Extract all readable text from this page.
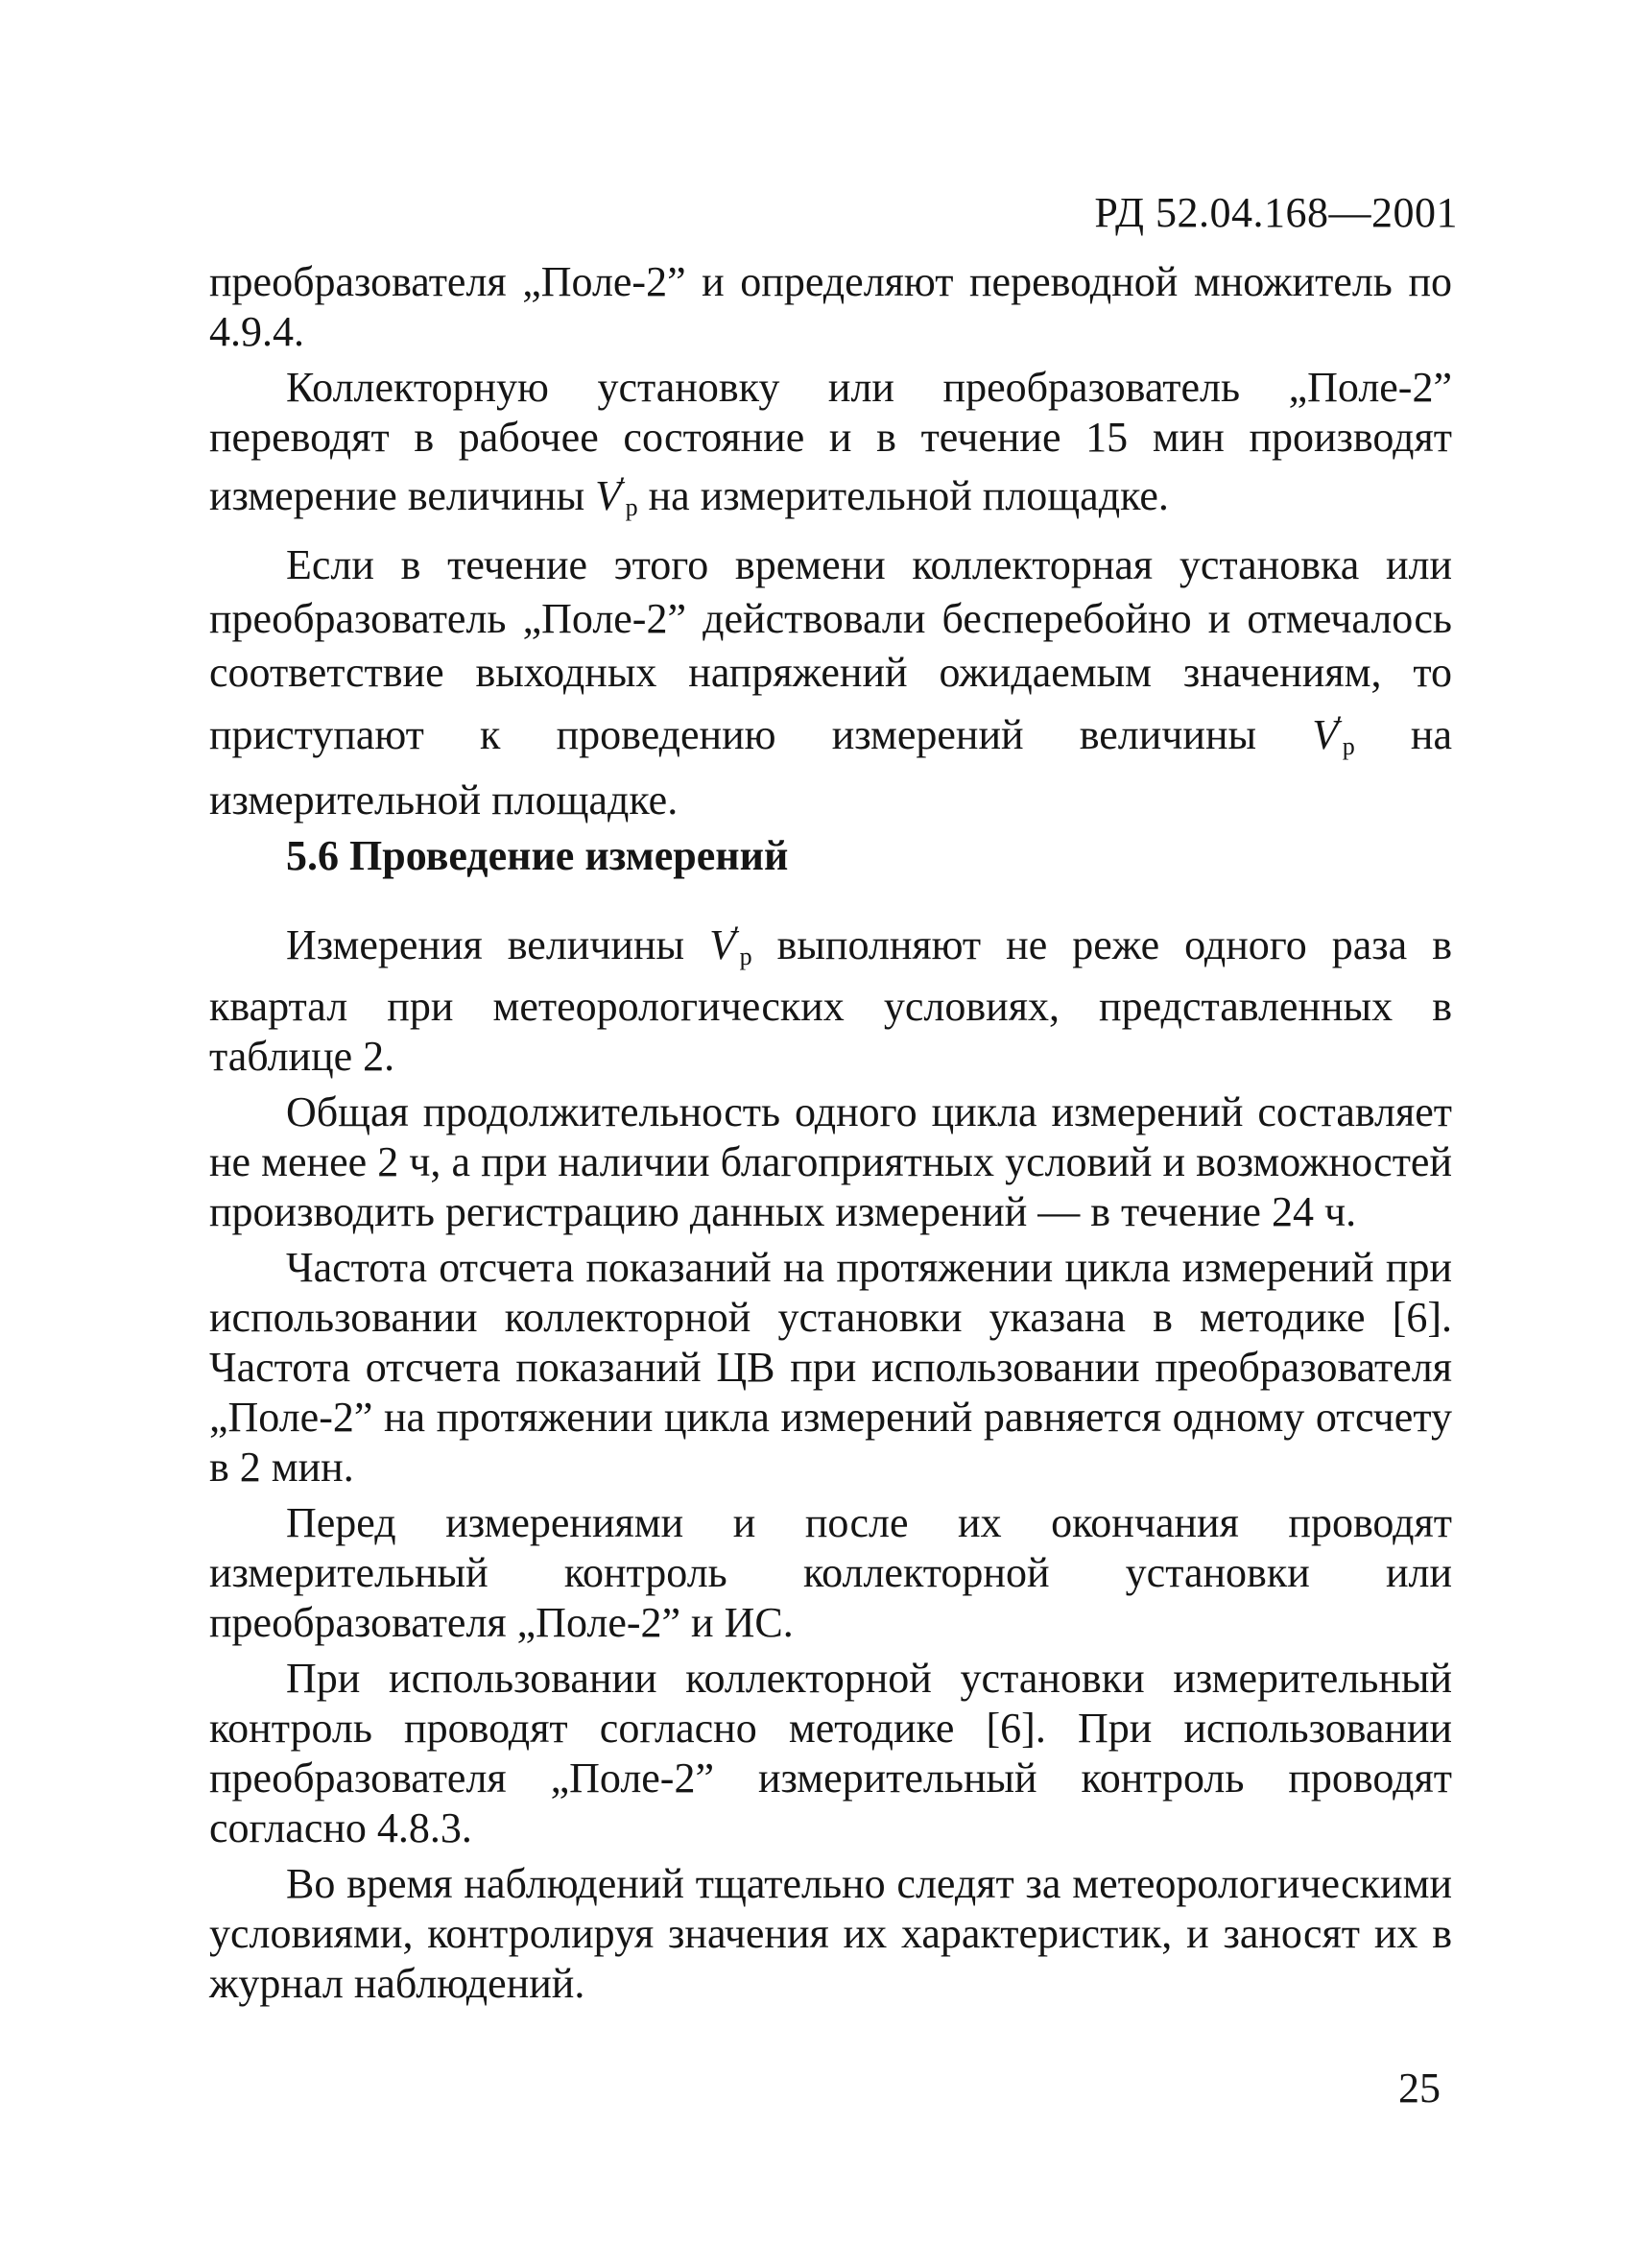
РД 52.04.168—2001

преобразователя „Поле-2” и определяют переводной множитель по 4.9.4.

Коллекторную установку или преобразователь „Поле-2” переводят в рабочее состояние и в течение 15 мин производят измерение величины $V'_р$ на измерительной площадке.

Если в течение этого времени коллекторная установка или преобразователь „Поле-2” действовали бесперебойно и отмечалось соответствие выходных напряжений ожидаемым значениям, то приступают к проведению измерений величины $V'_р$ на измерительной площадке.

5.6 Проведение измерений

Измерения величины $V'_р$ выполняют не реже одного раза в квартал при метеорологических условиях, представленных в таблице 2.

Общая продолжительность одного цикла измерений составляет не менее 2 ч, а при наличии благоприятных условий и возможностей производить регистрацию данных измерений — в течение 24 ч.

Частота отсчета показаний на протяжении цикла измерений при использовании коллекторной установки указана в методике [6]. Частота отсчета показаний ЦВ при использовании преобразователя „Поле-2” на протяжении цикла измерений равняется одному отсчету в 2 мин.

Перед измерениями и после их окончания проводят измерительный контроль коллекторной установки или преобразователя „Поле-2” и ИС.

При использовании коллекторной установки измерительный контроль проводят согласно методике [6]. При использовании преобразователя „Поле-2” измерительный контроль проводят согласно 4.8.3.

Во время наблюдений тщательно следят за метеорологическими условиями, контролируя значения их характеристик, и заносят их в журнал наблюдений.

25
